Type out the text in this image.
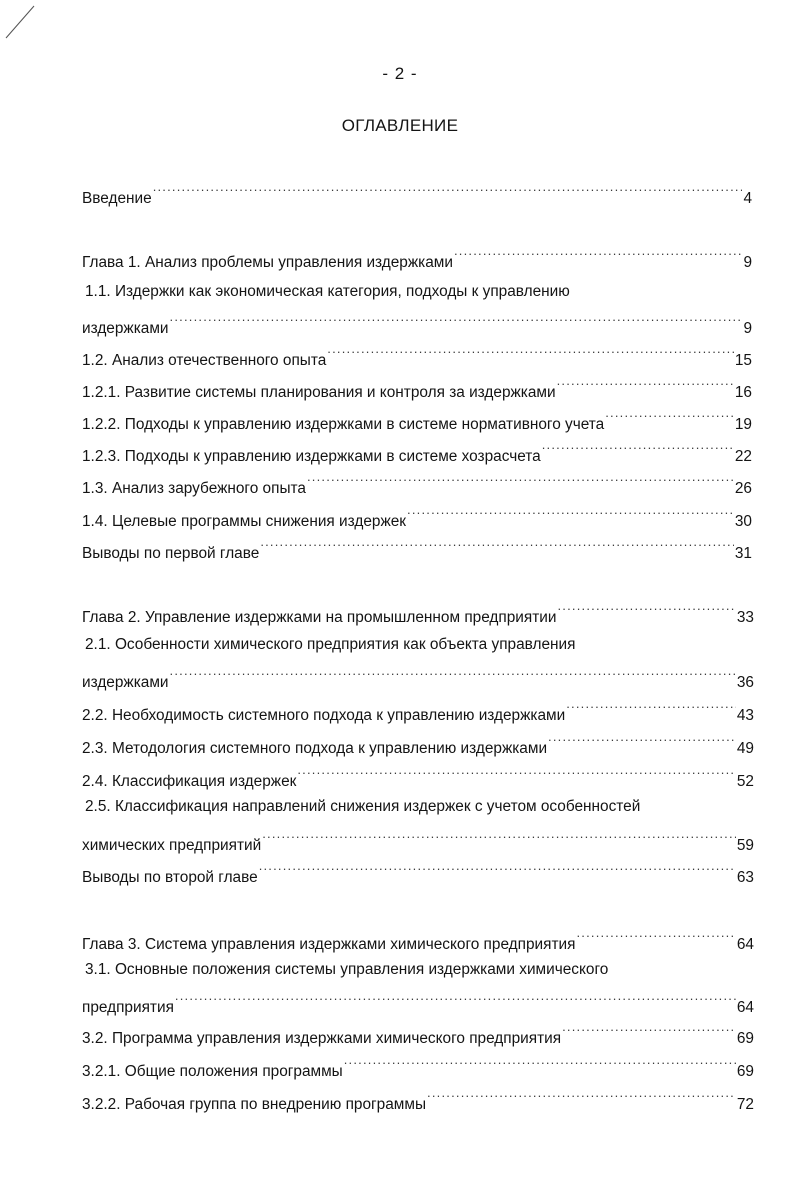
- 2 -
ОГЛАВЛЕНИЕ
Введение .....	4
Глава 1. Анализ проблемы управления издержками .....	9
1.1. Издержки как экономическая категория, подходы к управлению
издержками .....	9
1.2. Анализ отечественного опыта .....	15
1.2.1. Развитие системы планирования и контроля за издержками .....	16
1.2.2. Подходы к управлению издержками в системе нормативного учета .....	19
1.2.3. Подходы к управлению издержками в системе хозрасчета .....	22
1.3. Анализ зарубежного опыта .....	26
1.4. Целевые программы снижения издержек .....	30
Выводы по первой главе .....	31
Глава 2. Управление издержками на промышленном предприятии .....	33
2.1. Особенности химического предприятия как объекта управления
издержками .....	36
2.2. Необходимость системного подхода к управлению издержками .....	43
2.3. Методология системного подхода к управлению издержками .....	49
2.4. Классификация издержек .....	52
2.5. Классификация направлений снижения издержек с учетом особенностей
химических предприятий .....	59
Выводы по второй главе .....	63
Глава 3. Система управления издержками химического предприятия .....	64
3.1. Основные положения системы управления издержками химического
предприятия .....	64
3.2. Программа управления издержками химического предприятия .....	69
3.2.1. Общие положения программы .....	69
3.2.2. Рабочая группа по внедрению программы .....	72
